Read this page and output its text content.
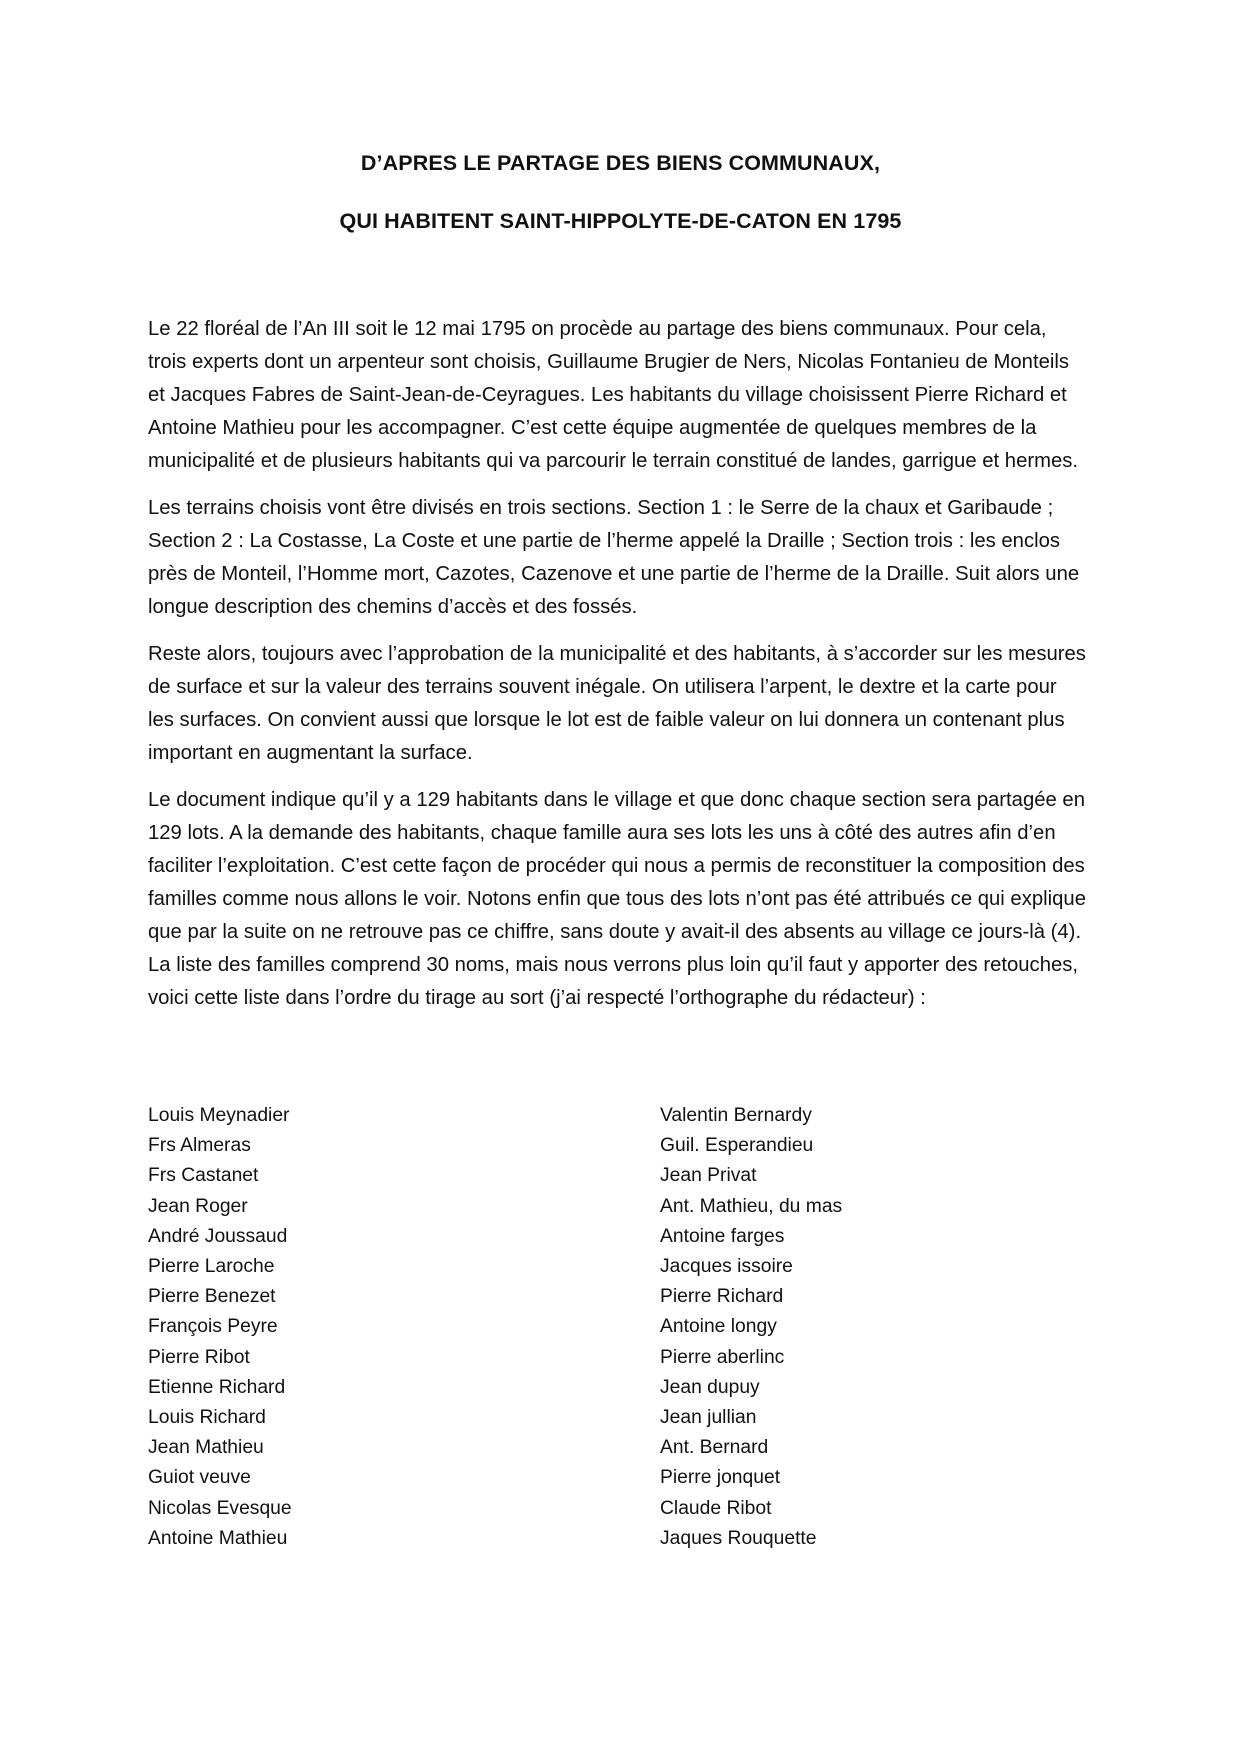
D’APRES LE PARTAGE DES BIENS COMMUNAUX,
QUI HABITENT SAINT-HIPPOLYTE-DE-CATON EN 1795

Le 22 floréal de l’An III soit le 12 mai 1795 on procède au partage des biens communaux. Pour cela, trois experts dont un arpenteur sont choisis, Guillaume Brugier de Ners, Nicolas Fontanieu de Monteils et Jacques Fabres de Saint-Jean-de-Ceyragues. Les habitants du village choisissent Pierre Richard et Antoine Mathieu pour les accompagner. C’est cette équipe augmentée de quelques membres de la municipalité et de plusieurs habitants qui va parcourir le terrain constitué de landes, garrigue et hermes.

Les terrains choisis vont être divisés en trois sections. Section 1 : le Serre de la chaux et Garibaude ; Section 2 : La Costasse, La Coste et une partie de l’herme appelé la Draille ; Section trois : les enclos près de Monteil, l’Homme mort, Cazotes, Cazenove et une partie de l’herme de la Draille. Suit alors une longue description des chemins d’accès et des fossés.

Reste alors, toujours avec l’approbation de la municipalité et des habitants, à s’accorder sur les mesures de surface et sur la valeur des terrains souvent inégale. On utilisera l’arpent, le dextre et la carte pour les surfaces. On convient aussi que lorsque le lot est de faible valeur on lui donnera un contenant plus important en augmentant la surface.

Le document indique qu’il y a 129 habitants dans le village et que donc chaque section sera partagée en 129 lots. A la demande des habitants, chaque famille aura ses lots les uns à côté des autres afin d’en faciliter l’exploitation. C’est cette façon de procéder qui nous a permis de reconstituer la composition des familles comme nous allons le voir. Notons enfin que tous des lots n’ont pas été attribués ce qui explique que par la suite on ne retrouve pas ce chiffre, sans doute y avait-il des absents au village ce jours-là (4). La liste des familles comprend 30 noms, mais nous verrons plus loin qu’il faut y apporter des retouches, voici cette liste dans l’ordre du tirage au sort (j’ai respecté l’orthographe du rédacteur) :

Louis Meynadier
Frs Almeras
Frs Castanet
Jean Roger
André Joussaud
Pierre Laroche
Pierre Benezet
François Peyre
Pierre Ribot
Etienne Richard
Louis Richard
Jean Mathieu
Guiot veuve
Nicolas Evesque
Antoine Mathieu
Valentin Bernardy
Guil. Esperandieu
Jean Privat
Ant. Mathieu, du mas
Antoine farges
Jacques issoire
Pierre Richard
Antoine longy
Pierre aberlinc
Jean dupuy
Jean jullian
Ant. Bernard
Pierre jonquet
Claude Ribot
Jaques Rouquette
